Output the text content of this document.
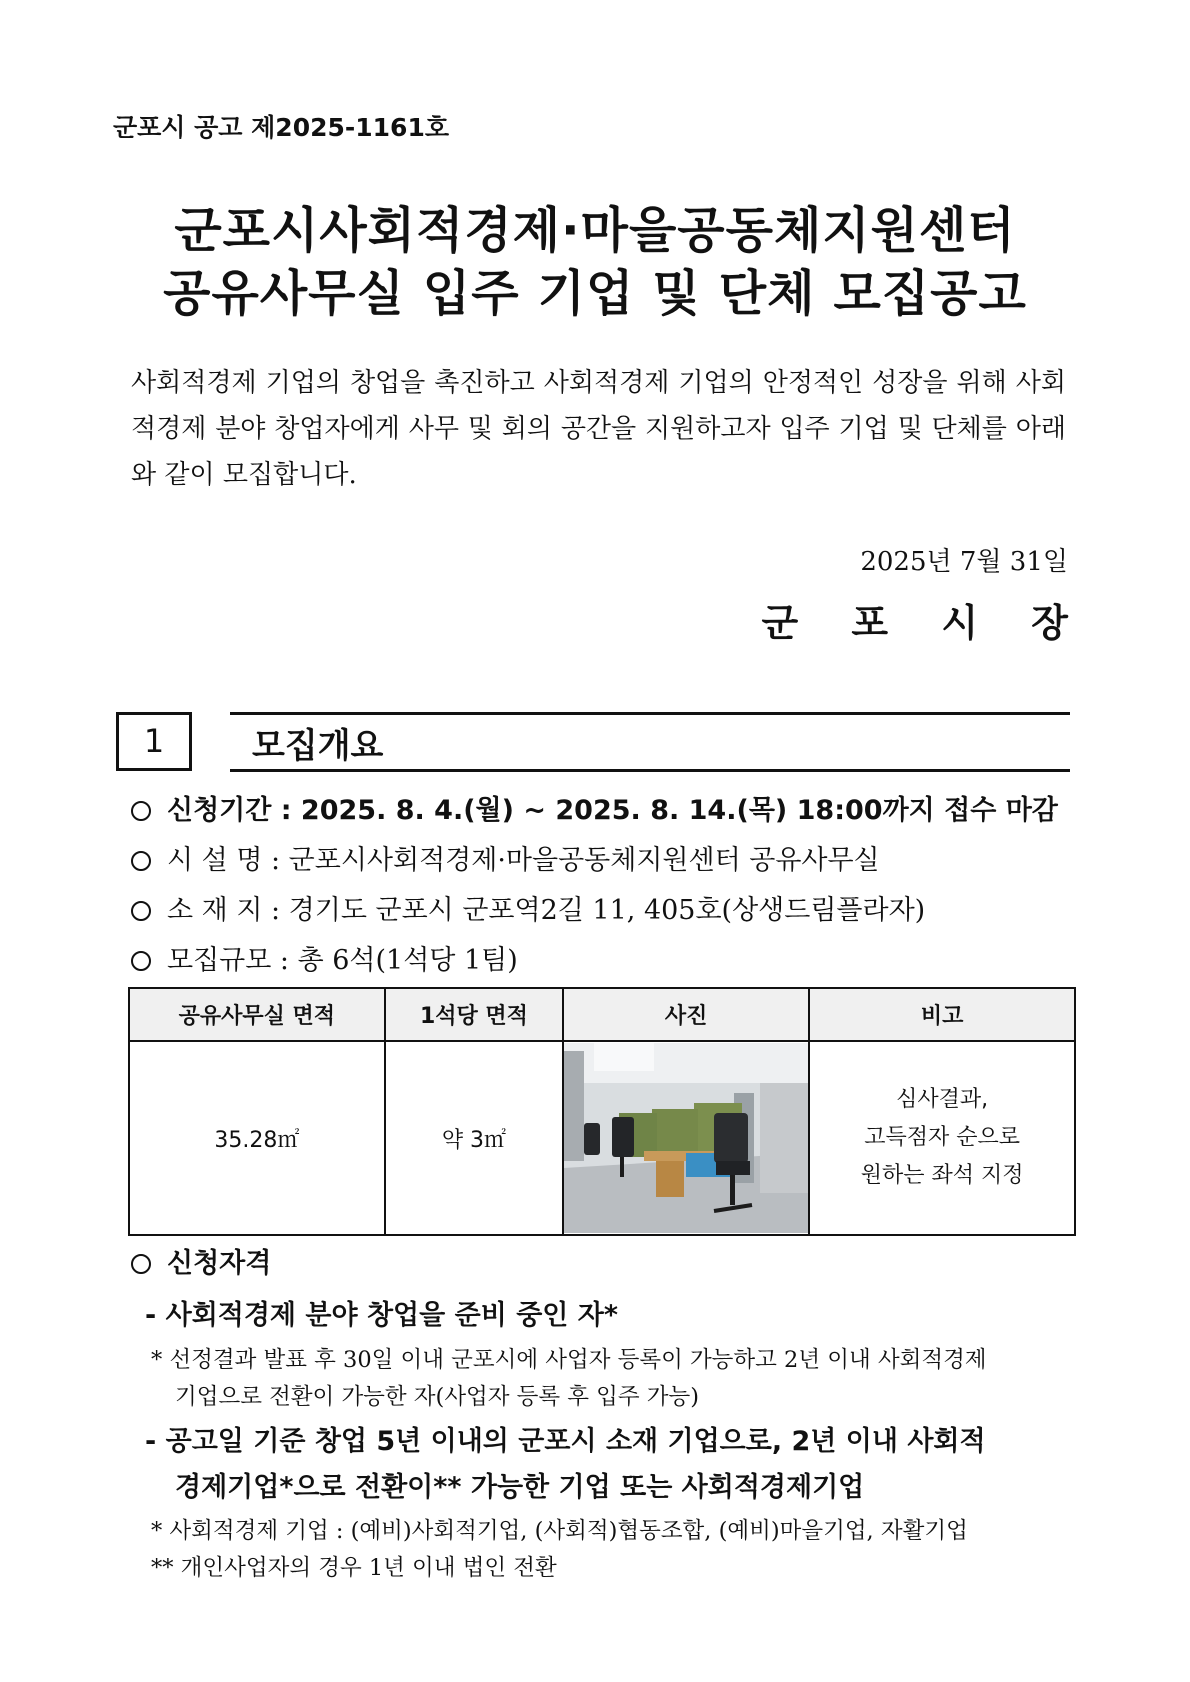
군포시 공고 제2025-1161호
군포시사회적경제·마을공동체지원센터
공유사무실 입주 기업 및 단체 모집공고
사회적경제 기업의 창업을 촉진하고 사회적경제 기업의 안정적인 성장을 위해 사회적경제 분야 창업자에게 사무 및 회의 공간을 지원하고자 입주 기업 및 단체를 아래와 같이 모집합니다.
2025년 7월 31일
군 포 시 장
1	모집개요
신청기간 : 2025. 8. 4.(월) ~ 2025. 8. 14.(목) 18:00까지 접수 마감
시 설 명 : 군포시사회적경제·마을공동체지원센터 공유사무실
소 재 지 : 경기도 군포시 군포역2길 11, 405호(상생드림플라자)
모집규모 : 총 6석(1석당 1팀)
공유사무실 면적	1석당 면적	사진	비고
35.28㎡	약 3㎡		심사결과,
고득점자 순으로
원하는 좌석 지정
신청자격
- 사회적경제 분야 창업을 준비 중인 자*
* 선정결과 발표 후 30일 이내 군포시에 사업자 등록이 가능하고 2년 이내 사회적경제
기업으로 전환이 가능한 자(사업자 등록 후 입주 가능)
- 공고일 기준 창업 5년 이내의 군포시 소재 기업으로, 2년 이내 사회적
경제기업*으로 전환이** 가능한 기업 또는 사회적경제기업
* 사회적경제 기업 : (예비)사회적기업, (사회적)협동조합, (예비)마을기업, 자활기업
** 개인사업자의 경우 1년 이내 법인 전환
